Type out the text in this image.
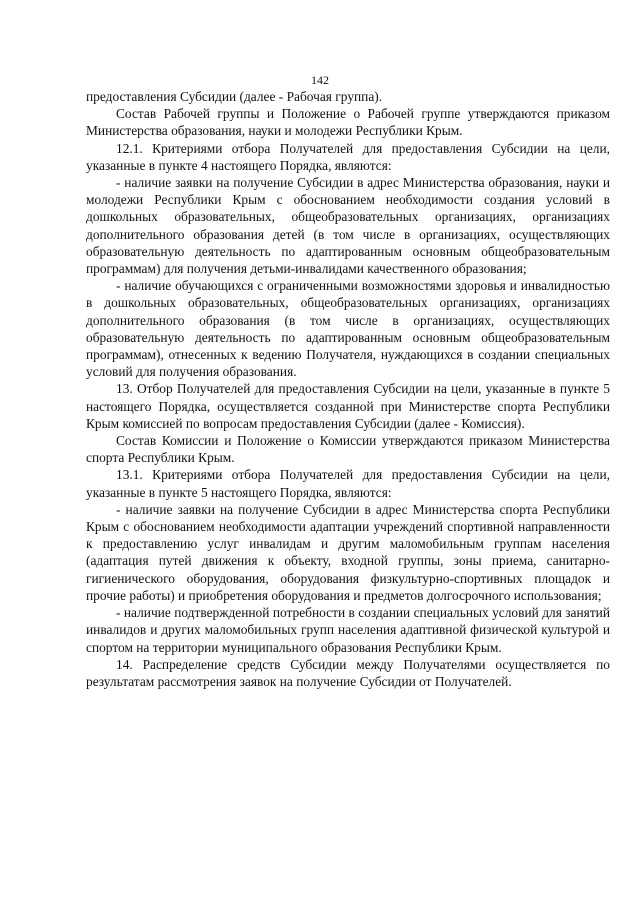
142

предоставления Субсидии (далее - Рабочая группа).

Состав Рабочей группы и Положение о Рабочей группе утверждаются приказом Министерства образования, науки и молодежи Республики Крым.

12.1. Критериями отбора Получателей для предоставления Субсидии на цели, указанные в пункте 4 настоящего Порядка, являются:

- наличие заявки на получение Субсидии в адрес Министерства образования, науки и молодежи Республики Крым с обоснованием необходимости создания условий в дошкольных образовательных, общеобразовательных организациях, организациях дополнительного образования детей (в том числе в организациях, осуществляющих образовательную деятельность по адаптированным основным общеобразовательным программам) для получения детьми-инвалидами качественного образования;

- наличие обучающихся с ограниченными возможностями здоровья и инвалидностью в дошкольных образовательных, общеобразовательных организациях, организациях дополнительного образования (в том числе в организациях, осуществляющих образовательную деятельность по адаптированным основным общеобразовательным программам), отнесенных к ведению Получателя, нуждающихся в создании специальных условий для получения образования.

13. Отбор Получателей для предоставления Субсидии на цели, указанные в пункте 5 настоящего Порядка, осуществляется созданной при Министерстве спорта Республики Крым комиссией по вопросам предоставления Субсидии (далее - Комиссия).

Состав Комиссии и Положение о Комиссии утверждаются приказом Министерства спорта Республики Крым.

13.1. Критериями отбора Получателей для предоставления Субсидии на цели, указанные в пункте 5 настоящего Порядка, являются:

- наличие заявки на получение Субсидии в адрес Министерства спорта Республики Крым с обоснованием необходимости адаптации учреждений спортивной направленности к предоставлению услуг инвалидам и другим маломобильным группам населения (адаптация путей движения к объекту, входной группы, зоны приема, санитарно-гигиенического оборудования, оборудования физкультурно-спортивных площадок и прочие работы) и приобретения оборудования и предметов долгосрочного использования;

- наличие подтвержденной потребности в создании специальных условий для занятий инвалидов и других маломобильных групп населения адаптивной физической культурой и спортом на территории муниципального образования Республики Крым.

14. Распределение средств Субсидии между Получателями осуществляется по результатам рассмотрения заявок на получение Субсидии от Получателей.
